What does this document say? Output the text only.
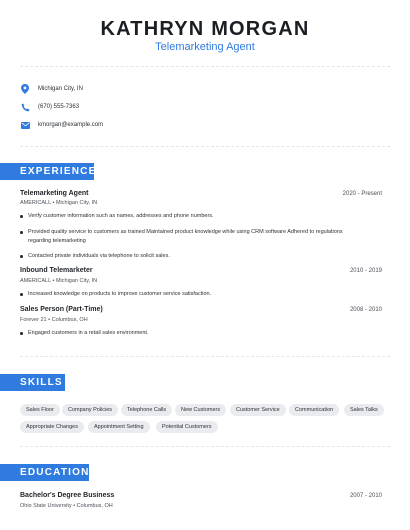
KATHRYN MORGAN
Telemarketing Agent
Michigan City, IN
(670) 555-7363
kmorgan@example.com
EXPERIENCE
Telemarketing Agent	2020 - Present
AMERICALL • Michigan City, IN
Verify customer information such as names, addresses and phone numbers.
Provided quality service to customers as trained Maintained product knowledge while using CRM software Adhered to regulations
regarding telemarketing
Contacted private individuals via telephone to solicit sales.
Inbound Telemarketer	2010 - 2019
AMERICALL • Michigan City, IN
Increased knowledge on products to improve customer service satisfaction.
Sales Person (Part-Time)	2008 - 2010
Forever 21 • Columbus, OH
Engaged customers in a retail sales environment.
SKILLS
Sales Floor	Company Policies	Telephone Calls	New Customers	Customer Service	Communication	Sales Talks
Appropriate Changes	Appointment Setting	Potential Customers
EDUCATION
Bachelor's Degree Business	2007 - 2010
Ohio State University • Columbus, OH
